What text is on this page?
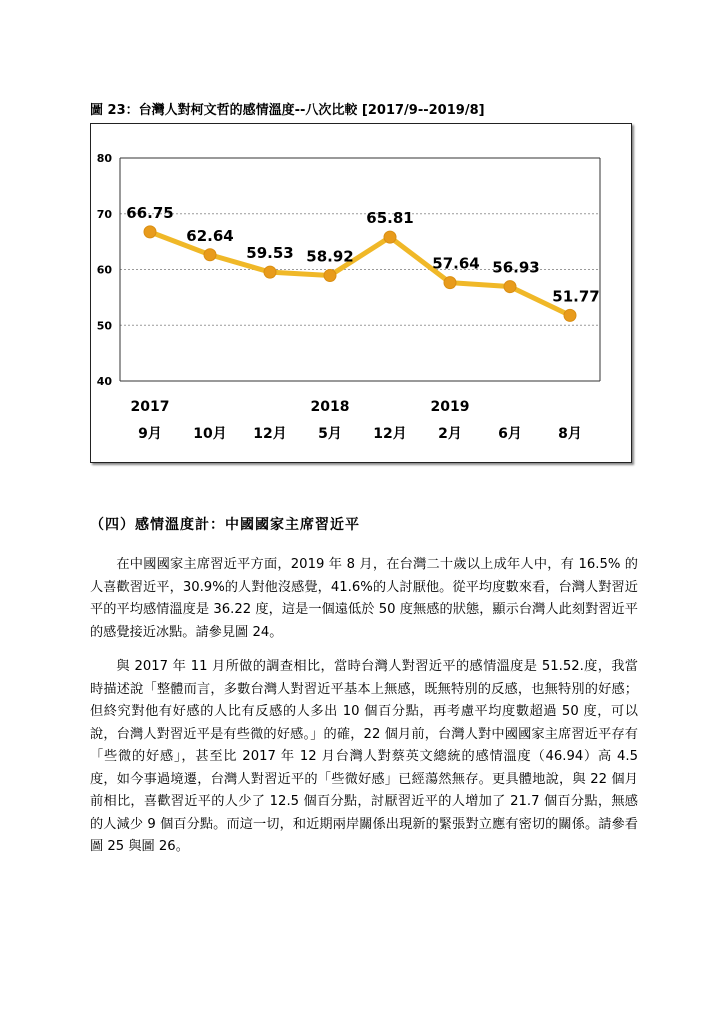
圖 23：台灣人對柯文哲的感情溫度--八次比較 [2017/9--2019/8]
40
50
60
70
80
66.75
62.64
59.53 58.92
65.81
57.64 56.93
51.77
2017	2018	2019
9月 10月 12月 5月 12月 2月	6月	8月
（四）感情溫度計：中國國家主席習近平

在中國國家主席習近平方面，2019 年 8 月，在台灣二十歲以上成年人中，有 16.5% 的人喜歡習近平，30.9%的人對他沒感覺，41.6%的人討厭他。從平均度數來看，台灣人對習近平的平均感情溫度是 36.22 度，這是一個遠低於 50 度無感的狀態，顯示台灣人此刻對習近平的感覺接近冰點。請參見圖 24。

與 2017 年 11 月所做的調查相比，當時台灣人對習近平的感情溫度是 51.52.度，我當時描述說「整體而言，多數台灣人對習近平基本上無感，既無特別的反感，也無特別的好感；但終究對他有好感的人比有反感的人多出 10 個百分點，再考慮平均度數超過 50 度，可以說，台灣人對習近平是有些微的好感。」的確，22 個月前，台灣人對中國國家主席習近平存有「些微的好感」，甚至比 2017 年 12 月台灣人對蔡英文總統的感情溫度（46.94）高 4.5 度，如今事過境遷，台灣人對習近平的「些微好感」已經蕩然無存。更具體地說，與 22 個月前相比，喜歡習近平的人少了 12.5 個百分點，討厭習近平的人增加了 21.7 個百分點，無感的人減少 9 個百分點。而這一切，和近期兩岸關係出現新的緊張對立應有密切的關係。請參看圖 25 與圖 26。
